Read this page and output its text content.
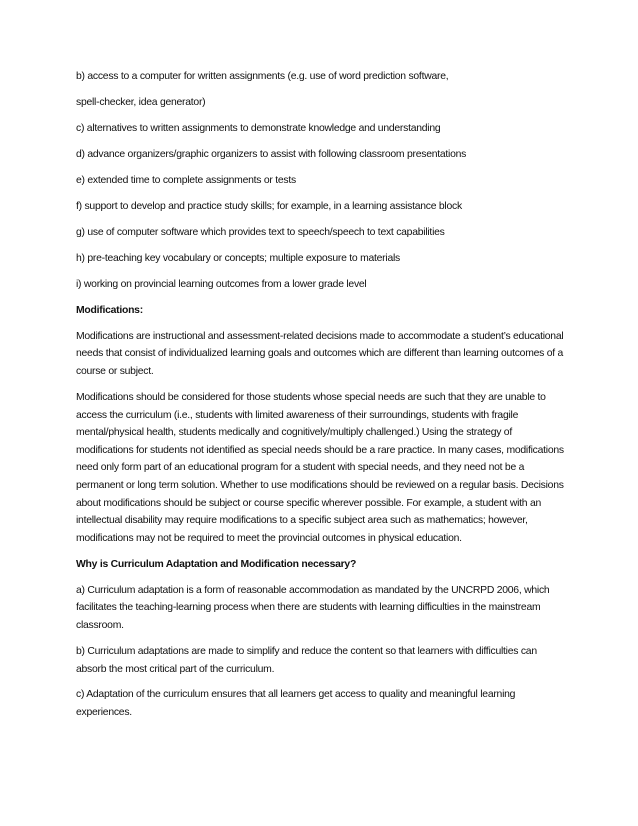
b) access to a computer for written assignments (e.g. use of word prediction software,
spell-checker, idea generator)
c) alternatives to written assignments to demonstrate knowledge and understanding
d) advance organizers/graphic organizers to assist with following classroom presentations
e) extended time to complete assignments or tests
f) support to develop and practice study skills; for example, in a learning assistance block
g) use of computer software which provides text to speech/speech to text capabilities
h) pre-teaching key vocabulary or concepts; multiple exposure to materials
i) working on provincial learning outcomes from a lower grade level
Modifications:
Modifications are instructional and assessment-related decisions made to accommodate a student’s educational needs that consist of individualized learning goals and outcomes which are different than learning outcomes of a course or subject.
Modifications should be considered for those students whose special needs are such that they are unable to access the curriculum (i.e., students with limited awareness of their surroundings, students with fragile mental/physical health, students medically and cognitively/multiply challenged.) Using the strategy of modifications for students not identified as special needs should be a rare practice. In many cases, modifications need only form part of an educational program for a student with special needs, and they need not be a permanent or long term solution. Whether to use modifications should be reviewed on a regular basis. Decisions about modifications should be subject or course specific wherever possible. For example, a student with an intellectual disability may require modifications to a specific subject area such as mathematics; however, modifications may not be required to meet the provincial outcomes in physical education.
Why is Curriculum Adaptation and Modification necessary?
a) Curriculum adaptation is a form of reasonable accommodation as mandated by the UNCRPD 2006, which facilitates the teaching-learning process when there are students with learning difficulties in the mainstream classroom.
b) Curriculum adaptations are made to simplify and reduce the content so that learners with difficulties can absorb the most critical part of the curriculum.
c) Adaptation of the curriculum ensures that all learners get access to quality and meaningful learning experiences.
